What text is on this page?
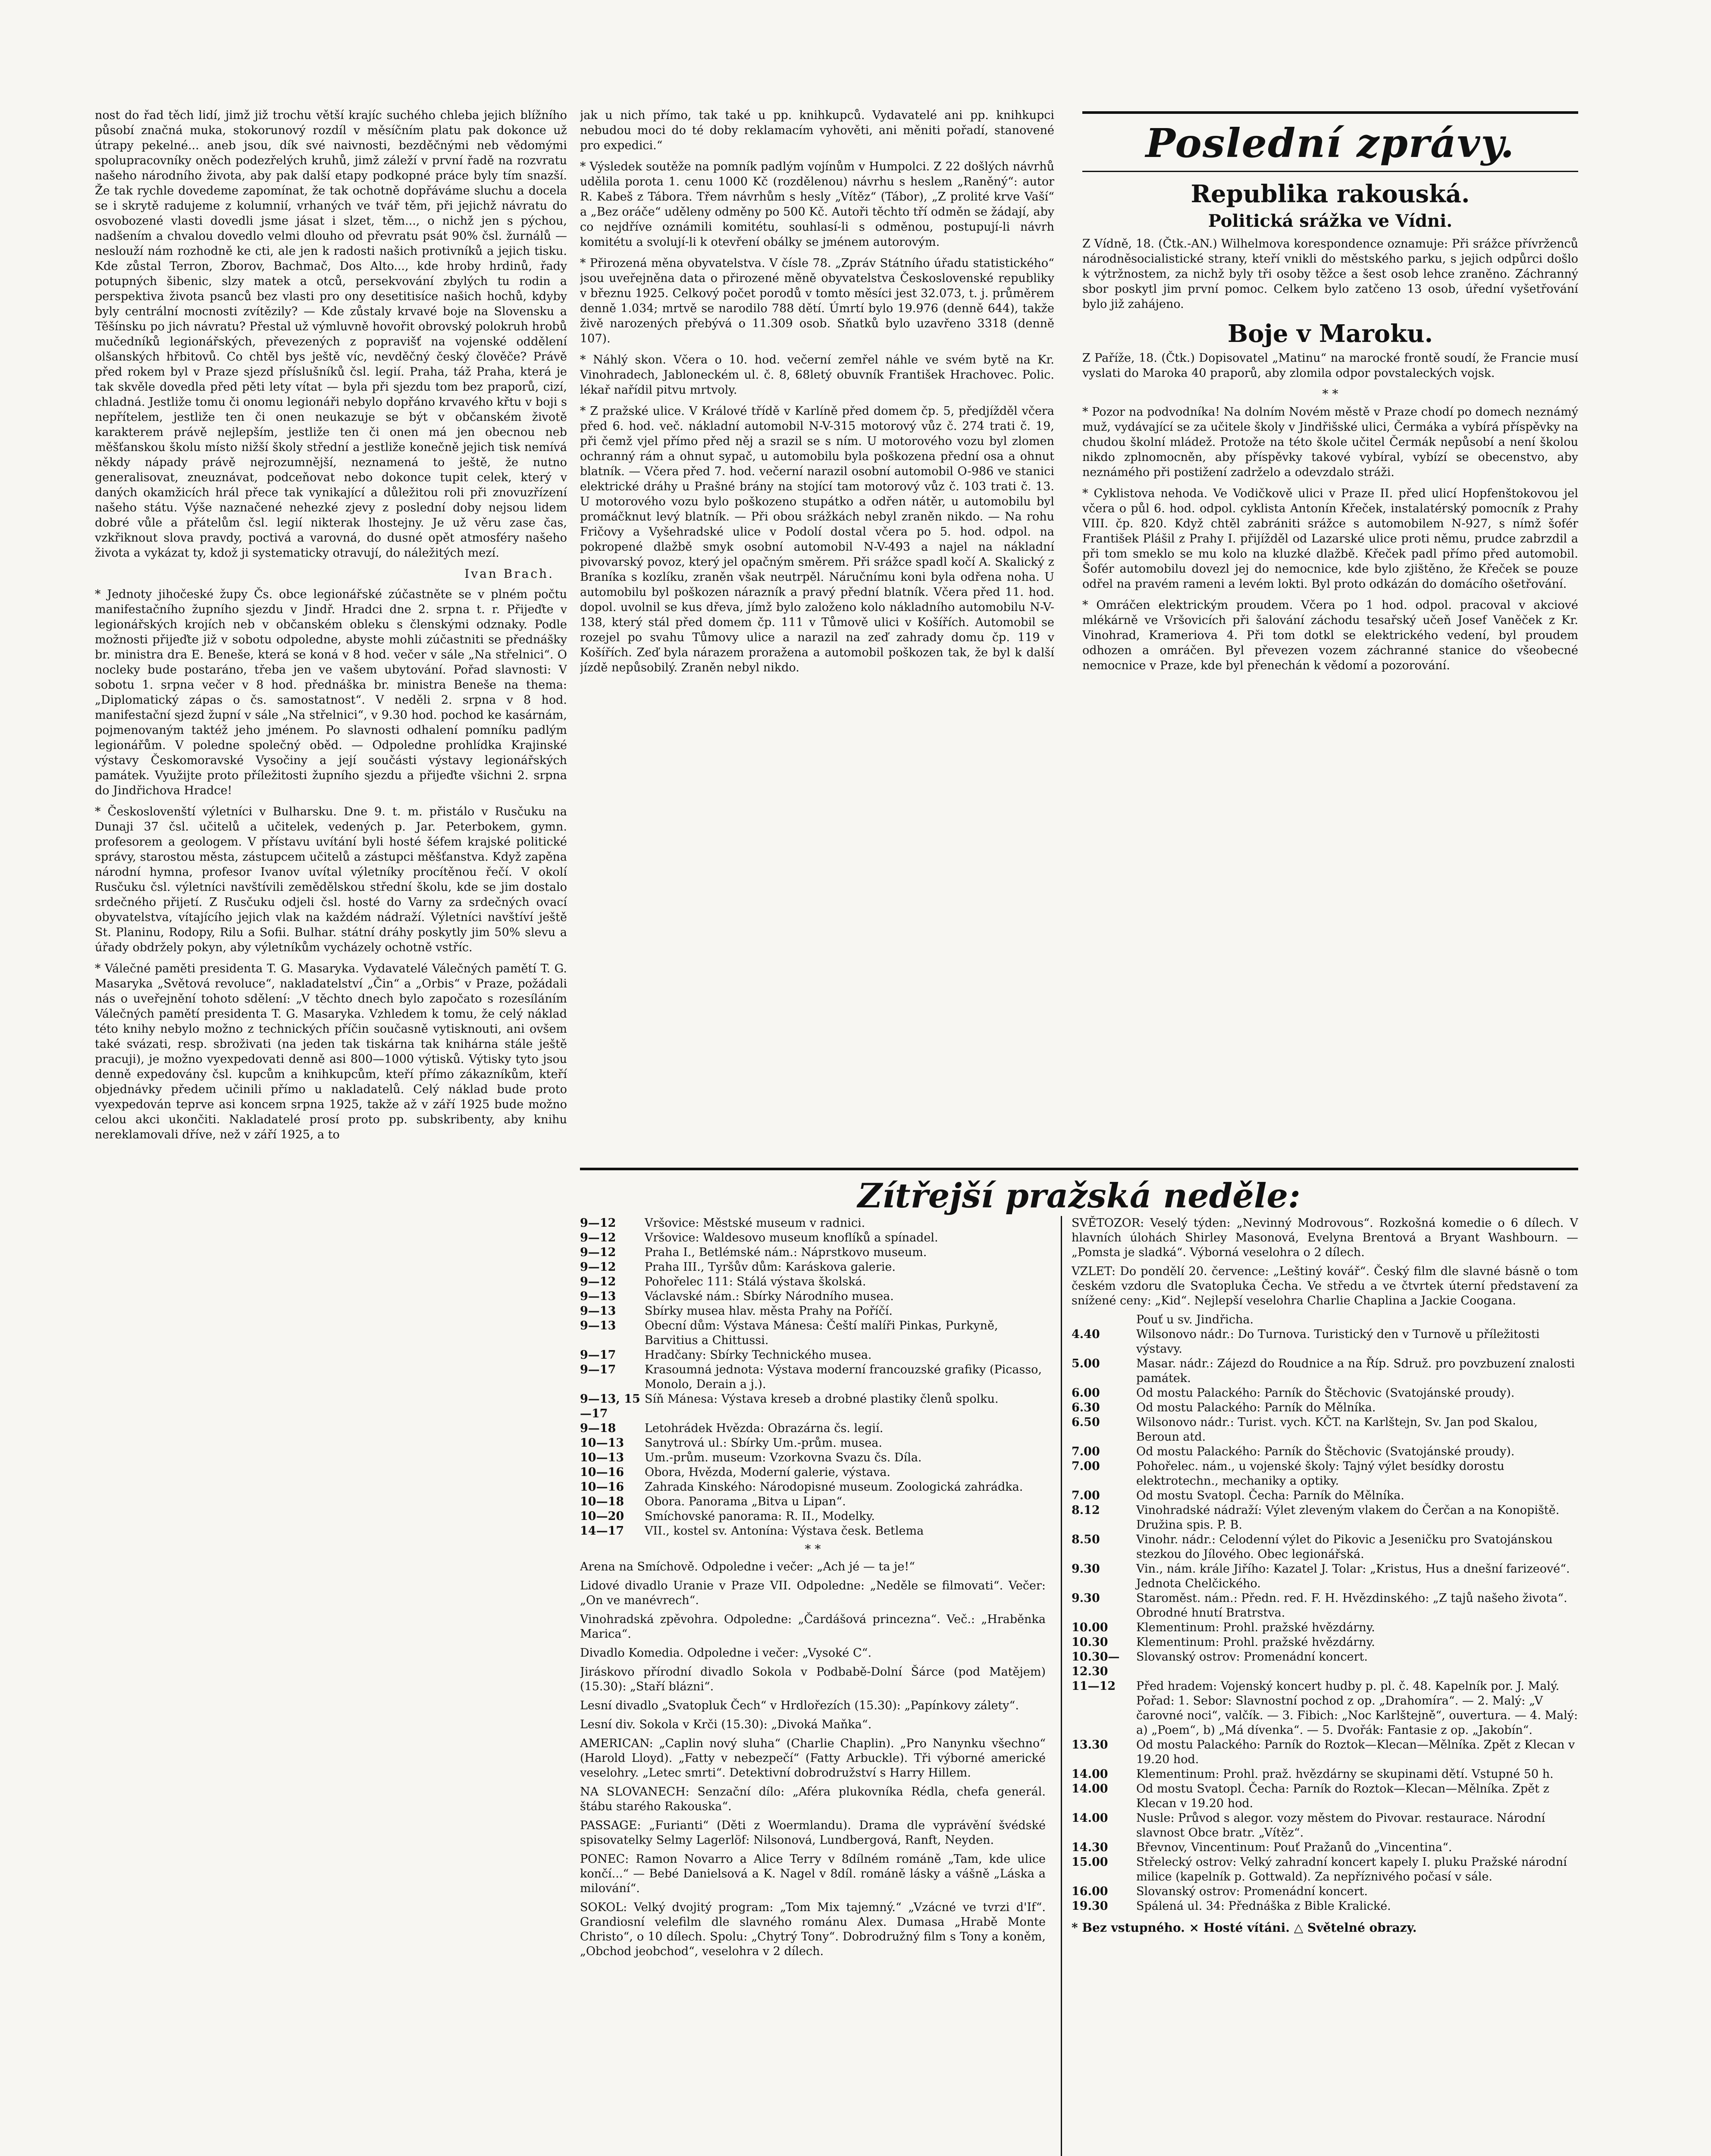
nost do řad těch lidí, jimž již trochu větší krajíc suchého chleba jejich blížního působí značná muka, stokorunový rozdíl v měsíčním platu pak dokonce už útrapy pekelné... aneb jsou, dík své naivnosti, bezděčnými neb vědomými spolupracovníky oněch podezřelých kruhů, jimž záleží v první řadě na rozvratu našeho národního života, aby pak další etapy podkopné práce byly tím snazší. Že tak rychle dovedeme zapomínat, že tak ochotně dopřáváme sluchu a docela se i skrytě radujeme z kolumnií, vrhaných ve tvář těm, při jejichž návratu do osvobozené vlasti dovedli jsme jásat i slzet, těm..., o nichž jen s pýchou, nadšením a chvalou dovedlo velmi dlouho od převratu psát 90% čsl. žurnálů — neslouží nám rozhodně ke cti, ale jen k radosti našich protivníků a jejich tisku. Kde zůstal Terron, Zborov, Bachmač, Dos Alto..., kde hroby hrdinů, řady potupných šibenic, slzy matek a otců, persekvování zbylých tu rodin a perspektiva života psanců bez vlasti pro ony desetitisíce našich hochů, kdyby byly centrální mocnosti zvítězily? — Kde zůstaly krvavé boje na Slovensku a Těšínsku po jich návratu? Přestal už výmluvně hovořit obrovský polokruh hrobů mučedníků legionářských, převezených z popravišť na vojenské oddělení olšanských hřbitovů. Co chtěl bys ještě víc, nevděčný český člověče? Právě před rokem byl v Praze sjezd příslušníků čsl. legií. Praha, táž Praha, která je tak skvěle dovedla před pěti lety vítat — byla při sjezdu tom bez praporů, cizí, chladná. Jestliže tomu či onomu legionáři nebylo dopřáno krvavého křtu v boji s nepřítelem, jestliže ten či onen neukazuje se být v občanském životě karakterem právě nejlepším, jestliže ten či onen má jen obecnou neb měšťanskou školu místo nižší školy střední a jestliže konečně jejich tisk nemívá někdy nápady právě nejrozumnější, neznamená to ještě, že nutno generalisovat, zneuznávat, podceňovat nebo dokonce tupit celek, který v daných okamžicích hrál přece tak vynikající a důležitou roli při znovuzřízení našeho státu. Výše naznačené nehezké zjevy z poslední doby nejsou lidem dobré vůle a přátelům čsl. legií nikterak lhostejny. Je už věru zase čas, vzkřiknout slova pravdy, poctivá a varovná, do dusné opět atmosféry našeho života a vykázat ty, kdož ji systematicky otravují, do náležitých mezí.

Ivan Brach.

* Jednoty jihočeské župy Čs. obce legionářské zúčastněte se v plném počtu manifestačního župního sjezdu v Jindř. Hradci dne 2. srpna t. r. Přijeďte v legionářských krojích neb v občanském obleku s členskými odznaky. Podle možnosti přijeďte již v sobotu odpoledne, abyste mohli zúčastniti se přednášky br. ministra dra E. Beneše, která se koná v 8 hod. večer v sále „Na střelnici“. O nocleky bude postaráno, třeba jen ve vašem ubytování. Pořad slavnosti: V sobotu 1. srpna večer v 8 hod. přednáška br. ministra Beneše na thema: „Diplomatický zápas o čs. samostatnost“. V neděli 2. srpna v 8 hod. manifestační sjezd župní v sále „Na střelnici“, v 9.30 hod. pochod ke kasárnám, pojmenovaným taktéž jeho jménem. Po slavnosti odhalení pomníku padlým legionářům. V poledne společný oběd. — Odpoledne prohlídka Krajinské výstavy Českomoravské Vysočiny a její součásti výstavy legionářských památek. Využijte proto příležitosti župního sjezdu a přijeďte všichni 2. srpna do Jindřichova Hradce!

* Českoslovenští výletníci v Bulharsku. Dne 9. t. m. přistálo v Rusčuku na Dunaji 37 čsl. učitelů a učitelek, vedených p. Jar. Peterbokem, gymn. profesorem a geologem. V přístavu uvítání byli hosté šéfem krajské politické správy, starostou města, zástupcem učitelů a zástupci měšťanstva. Když zapěna národní hymna, profesor Ivanov uvítal výletníky procítěnou řečí. V okolí Rusčuku čsl. výletníci navštívili zemědělskou střední školu, kde se jim dostalo srdečného přijetí. Z Rusčuku odjeli čsl. hosté do Varny za srdečných ovací obyvatelstva, vítajícího jejich vlak na každém nádraží. Výletníci navštíví ještě St. Planinu, Rodopy, Rilu a Sofii. Bulhar. státní dráhy poskytly jim 50% slevu a úřady obdržely pokyn, aby výletníkům vycházely ochotně vstříc.

* Válečné paměti presidenta T. G. Masaryka. Vydavatelé Válečných pamětí T. G. Masaryka „Světová revoluce“, nakladatelství „Čin“ a „Orbis“ v Praze, požádali nás o uveřejnění tohoto sdělení: „V těchto dnech bylo započato s rozesíláním Válečných pamětí presidenta T. G. Masaryka. Vzhledem k tomu, že celý náklad této knihy nebylo možno z technických příčin současně vytisknouti, ani ovšem také svázati, resp. sbroživati (na jeden tak tiskárna tak knihárna stále ještě pracuji), je možno vyexpedovati denně asi 800—1000 výtisků. Výtisky tyto jsou denně expedovány čsl. kupcům a knihkupcům, kteří přímo zákazníkům, kteří objednávky předem učinili přímo u nakladatelů. Celý náklad bude proto vyexpedován teprve asi koncem srpna 1925, takže až v září 1925 bude možno celou akci ukončiti. Nakladatelé prosí proto pp. subskribenty, aby knihu nereklamovali dříve, než v září 1925, a to

jak u nich přímo, tak také u pp. knihkupců. Vydavatelé ani pp. knihkupci nebudou moci do té doby reklamacím vyhověti, ani měniti pořadí, stanovené pro expedici.“

* Výsledek soutěže na pomník padlým vojínům v Humpolci. Z 22 došlých návrhů udělila porota 1. cenu 1000 Kč (rozdělenou) návrhu s heslem „Raněný“: autor R. Kabeš z Tábora. Třem návrhům s hesly „Vítěz“ (Tábor), „Z prolité krve Vaší“ a „Bez oráče“ uděleny odměny po 500 Kč. Autoři těchto tří odměn se žádají, aby co nejdříve oznámili komitétu, souhlasí-li s odměnou, postupují-li návrh komitétu a svolují-li k otevření obálky se jménem autorovým.

* Přirozená měna obyvatelstva. V čísle 78. „Zpráv Státního úřadu statistického“ jsou uveřejněna data o přirozené měně obyvatelstva Československé republiky v březnu 1925. Celkový počet porodů v tomto měsíci jest 32.073, t. j. průměrem denně 1.034; mrtvě se narodilo 788 dětí. Úmrtí bylo 19.976 (denně 644), takže živě narozených přebývá o 11.309 osob. Sňatků bylo uzavřeno 3318 (denně 107).

* Náhlý skon. Včera o 10. hod. večerní zemřel náhle ve svém bytě na Kr. Vinohradech, Jabloneckém ul. č. 8, 68letý obuvník František Hrachovec. Polic. lékař nařídil pitvu mrtvoly.

* Z pražské ulice. V Králové třídě v Karlíně před domem čp. 5, předjížděl včera před 6. hod. več. nákladní automobil N-V-315 motorový vůz č. 274 trati č. 19, při čemž vjel přímo před něj a srazil se s ním. U motorového vozu byl zlomen ochranný rám a ohnut sypač, u automobilu byla poškozena přední osa a ohnut blatník. — Včera před 7. hod. večerní narazil osobní automobil O-986 ve stanici elektrické dráhy u Prašné brány na stojící tam motorový vůz č. 103 trati č. 13. U motorového vozu bylo poškozeno stupátko a odřen nátěr, u automobilu byl promáčknut levý blatník. — Při obou srážkách nebyl zraněn nikdo. — Na rohu Fričovy a Vyšehradské ulice v Podolí dostal včera po 5. hod. odpol. na pokropené dlažbě smyk osobní automobil N-V-493 a najel na nákladní pivovarský povoz, který jel opačným směrem. Při srážce spadl kočí A. Skalický z Braníka s kozlíku, zraněn však neutrpěl. Náručnímu koni byla odřena noha. U automobilu byl poškozen nárazník a pravý přední blatník. Včera před 11. hod. dopol. uvolnil se kus dřeva, jímž bylo založeno kolo nákladního automobilu N-V-138, který stál před domem čp. 111 v Tůmově ulici v Košířích. Automobil se rozejel po svahu Tůmovy ulice a narazil na zeď zahrady domu čp. 119 v Košířích. Zeď byla nárazem proražena a automobil poškozen tak, že byl k další jízdě nepůsobilý. Zraněn nebyl nikdo.

Poslední zprávy.
Republika rakouská.
Politická srážka ve Vídni.

Z Vídně, 18. (Čtk.-AN.) Wilhelmova korespondence oznamuje: Při srážce přívrženců národněsocialistické strany, kteří vnikli do městského parku, s jejich odpůrci došlo k výtržnostem, za nichž byly tři osoby těžce a šest osob lehce zraněno. Záchranný sbor poskytl jim první pomoc. Celkem bylo zatčeno 13 osob, úřední vyšetřování bylo již zahájeno.

Boje v Maroku.

Z Paříže, 18. (Čtk.) Dopisovatel „Matinu“ na marocké frontě soudí, že Francie musí vyslati do Maroka 40 praporů, aby zlomila odpor povstaleckých vojsk.

* *

* Pozor na podvodníka! Na dolním Novém městě v Praze chodí po domech neznámý muž, vydávající se za učitele školy v Jindřišské ulici, Čermáka a vybírá příspěvky na chudou školní mládež. Protože na této škole učitel Čermák nepůsobí a není školou nikdo zplnomocněn, aby příspěvky takové vybíral, vybízí se obecenstvo, aby neznámého při postižení zadrželo a odevzdalo stráži.

* Cyklistova nehoda. Ve Vodičkově ulici v Praze II. před ulicí Hopfenštokovou jel včera o půl 6. hod. odpol. cyklista Antonín Křeček, instalatérský pomocník z Prahy VIII. čp. 820. Když chtěl zabrániti srážce s automobilem N-927, s nímž šofér František Plášil z Prahy I. přijížděl od Lazarské ulice proti němu, prudce zabrzdil a při tom smeklo se mu kolo na kluzké dlažbě. Křeček padl přímo před automobil. Šofér automobilu dovezl jej do nemocnice, kde bylo zjištěno, že Křeček se pouze odřel na pravém rameni a levém lokti. Byl proto odkázán do domácího ošetřování.

* Omráčen elektrickým proudem. Včera po 1 hod. odpol. pracoval v akciové mlékárně ve Vršovicích při šalování záchodu tesařský učeň Josef Vaněček z Kr. Vinohrad, Krameriova 4. Při tom dotkl se elektrického vedení, byl proudem odhozen a omráčen. Byl převezen vozem záchranné stanice do všeobecné nemocnice v Praze, kde byl přenechán k vědomí a pozorování.

Zítřejší pražská neděle:
9—12	Vršovice: Městské museum v radnici.
9—12	Vršovice: Waldesovo museum knoflíků a spínadel.
9—12	Praha I., Betlémské nám.: Náprstkovo museum.
9—12	Praha III., Tyršův dům: Karáskova galerie.
9—12	Pohořelec 111: Stálá výstava školská.
9—13	Václavské nám.: Sbírky Národního musea.
9—13	Sbírky musea hlav. města Prahy na Poříčí.
9—13	Obecní dům: Výstava Mánesa: Čeští malíři Pinkas, Purkyně, Barvitius a Chittussi.
9—17	Hradčany: Sbírky Technického musea.
9—17	Krasoumná jednota: Výstava moderní francouzské grafiky (Picasso, Monolo, Derain a j.).
9—13, 15—17
Síň Mánesa: Výstava kreseb a drobné plastiky členů spolku.
9—18	Letohrádek Hvězda: Obrazárna čs. legií.
10—13	Sanytrová ul.: Sbírky Um.-prům. musea.
10—13	Um.-prům. museum: Vzorkovna Svazu čs. Díla.
10—16	Obora, Hvězda, Moderní galerie, výstava.
10—16	Zahrada Kinského: Národopisné museum. Zoologická zahrádka.
10—18	Obora. Panorama „Bitva u Lipan“.
10—20	Smíchovské panorama: R. II., Modelky.
14—17	VII., kostel sv. Antonína: Výstava česk. Betlema
* *
Arena na Smíchově. Odpoledne i večer: „Ach jé — ta je!“
Lidové divadlo Uranie v Praze VII. Odpoledne: „Neděle se filmovati“. Večer: „On ve manévrech“.
Vinohradská zpěvohra. Odpoledne: „Čardášová princezna“. Več.: „Hraběnka Marica“.
Divadlo Komedia. Odpoledne i večer: „Vysoké C“.
Jiráskovo přírodní divadlo Sokola v Podbabě-Dolní Šárce (pod Matějem) (15.30): „Staří blázni“.
Lesní divadlo „Svatopluk Čech“ v Hrdlořezích (15.30): „Papínkovy zálety“.
Lesní div. Sokola v Krči (15.30): „Divoká Maňka“.
AMERICAN: „Caplin nový sluha“ (Charlie Chaplin). „Pro Nanynku všechno“ (Harold Lloyd). „Fatty v nebezpečí“ (Fatty Arbuckle). Tři výborné americké veselohry. „Letec smrti“. Detektivní dobrodružství s Harry Hillem.
NA SLOVANECH: Senzační dílo: „Aféra plukovníka Rédla, chefa generál. štábu starého Rakouska“.
PASSAGE: „Furianti“ (Děti z Woermlandu). Drama dle vyprávění švédské spisovatelky Selmy Lagerlöf: Nilsonová, Lundbergová, Ranft, Neyden.
PONEC: Ramon Novarro a Alice Terry v 8dílném románě „Tam, kde ulice končí...“ — Bebé Danielsová a K. Nagel v 8díl. románě lásky a vášně „Láska a milování“.
SOKOL: Velký dvojitý program: „Tom Mix tajemný.“ „Vzácné ve tvrzi d'If“. Grandiosní velefilm dle slavného románu Alex. Dumasa „Hrabě Monte Christo“, o 10 dílech. Spolu: „Chytrý Tony“. Dobrodružný film s Tony a koněm, „Obchod jeobchod“, veselohra v 2 dílech.
SVĚTOZOR: Veselý týden: „Nevinný Modrovous“. Rozkošná komedie o 6 dílech. V hlavních úlohách Shirley Masonová, Evelyna Brentová a Bryant Washbourn. — „Pomsta je sladká“. Výborná veselohra o 2 dílech.
VZLET: Do pondělí 20. července: „Leštiný kovář“. Český film dle slavné básně o tom českém vzdoru dle Svatopluka Čecha. Ve středu a ve čtvrtek úterní představení za snížené ceny: „Kid“. Nejlepší veselohra Charlie Chaplina a Jackie Coogana.
Pouť u sv. Jindřicha.
4.40	Wilsonovo nádr.: Do Turnova. Turistický den v Turnově u příležitosti výstavy.
5.00	Masar. nádr.: Zájezd do Roudnice a na Říp. Sdruž. pro povzbuzení znalosti památek.
6.00	Od mostu Palackého: Parník do Štěchovic (Svatojánské proudy).
6.30	Od mostu Palackého: Parník do Mělníka.
6.50	Wilsonovo nádr.: Turist. vych. KČT. na Karlštejn, Sv. Jan pod Skalou, Beroun atd.
7.00	Od mostu Palackého: Parník do Štěchovic (Svatojánské proudy).
7.00	Pohořelec. nám., u vojenské školy: Tajný výlet besídky dorostu elektrotechn., mechaniky a optiky.
7.00	Od mostu Svatopl. Čecha: Parník do Mělníka.
8.12	Vinohradské nádraží: Výlet zleveným vlakem do Čerčan a na Konopiště. Družina spis. P. B.
8.50	Vinohr. nádr.: Celodenní výlet do Pikovic a Jeseničku pro Svatojánskou stezkou do Jílového. Obec legionářská.
9.30	Vin., nám. krále Jiřího: Kazatel J. Tolar: „Kristus, Hus a dnešní farizeové“. Jednota Chelčického.
9.30	Staroměst. nám.: Předn. red. F. H. Hvězdinského: „Z tajů našeho života“. Obrodné hnutí Bratrstva.
10.00	Klementinum: Prohl. pražské hvězdárny.
10.30	Klementinum: Prohl. pražské hvězdárny.
10.30—12.30
Slovanský ostrov: Promenádní koncert.
11—12	Před hradem: Vojenský koncert hudby p. pl. č. 48. Kapelník por. J. Malý. Pořad: 1. Sebor: Slavnostní pochod z op. „Drahomíra“. — 2. Malý: „V čarovné noci“, valčík. — 3. Fibich: „Noc Karlštejně“, ouvertura. — 4. Malý: a) „Poem“, b) „Má dívenka“. — 5. Dvořák: Fantasie z op. „Jakobín“.
13.30	Od mostu Palackého: Parník do Roztok—Klecan—Mělníka. Zpět z Klecan v 19.20 hod.
14.00	Klementinum: Prohl. praž. hvězdárny se skupinami dětí. Vstupné 50 h.
14.00	Od mostu Svatopl. Čecha: Parník do Roztok—Klecan—Mělníka. Zpět z Klecan v 19.20 hod.
14.00	Nusle: Průvod s alegor. vozy městem do Pivovar. restaurace. Národní slavnost Obce bratr. „Vítěz“.
14.30	Břevnov, Vincentinum: Pouť Pražanů do „Vincentina“.
15.00	Střelecký ostrov: Velký zahradní koncert kapely I. pluku Pražské národní milice (kapelník p. Gottwald). Za nepříznivého počasí v sále.
16.00	Slovanský ostrov: Promenádní koncert.
19.30	Spálená ul. 34: Přednáška z Bible Kralické.
* Bez vstupného. × Hosté vítáni. △ Světelné obrazy.
